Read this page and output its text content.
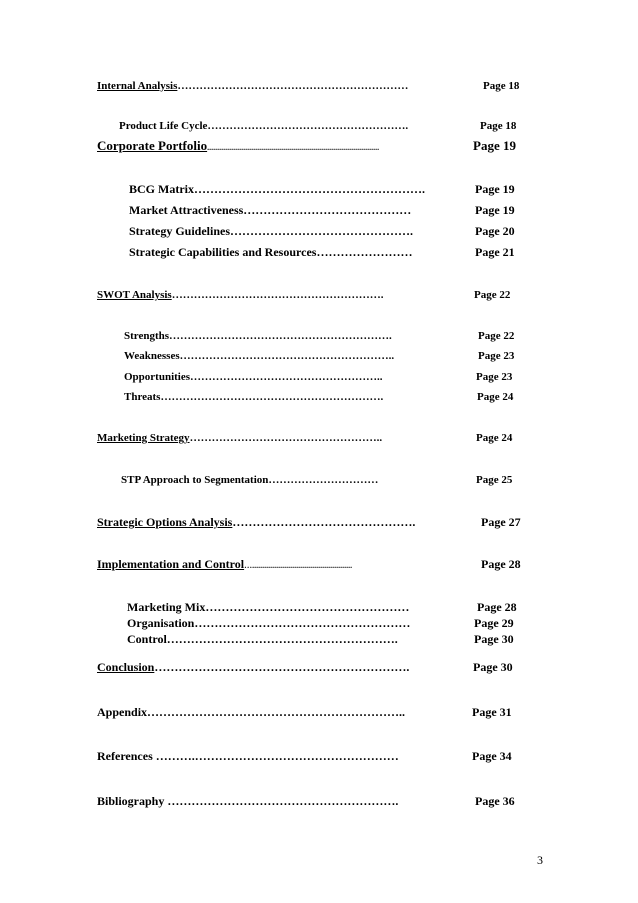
Internal Analysis………………………………………………………	Page 18
Product Life Cycle……………………………………………….	Page 18
Corporate Portfolio......................................................................................	Page 19
BCG Matrix………………………………………………….	Page 19
Market Attractiveness……………………………………	Page 19
Strategy Guidelines……………………………………….	Page 20
Strategic Capabilities and Resources……………………	Page 21
SWOT Analysis………………………………………………….	Page 22
Strengths…………………………………………………….	Page 22
Weaknesses…………………………………………………..	Page 23
Opportunities……………………………………………..	Page 23
Threats…………………………………………………….	Page 24
Marketing Strategy……………………………………………..	Page 24
STP Approach to Segmentation…………………………	Page 25
Strategic Options Analysis……………………………………….	Page 27
Implementation and Control…..................................................	Page 28
Marketing Mix……………………………………………	Page 28
Organisation………………………………………………	Page 29
Control………………………………………………….	Page 30
Conclusion……………………………………………………….	Page 30
Appendix………………………………………………………..	Page 31
References ……….……………………………………………	Page 34
Bibliography ………………………………………………….	Page 36
3
